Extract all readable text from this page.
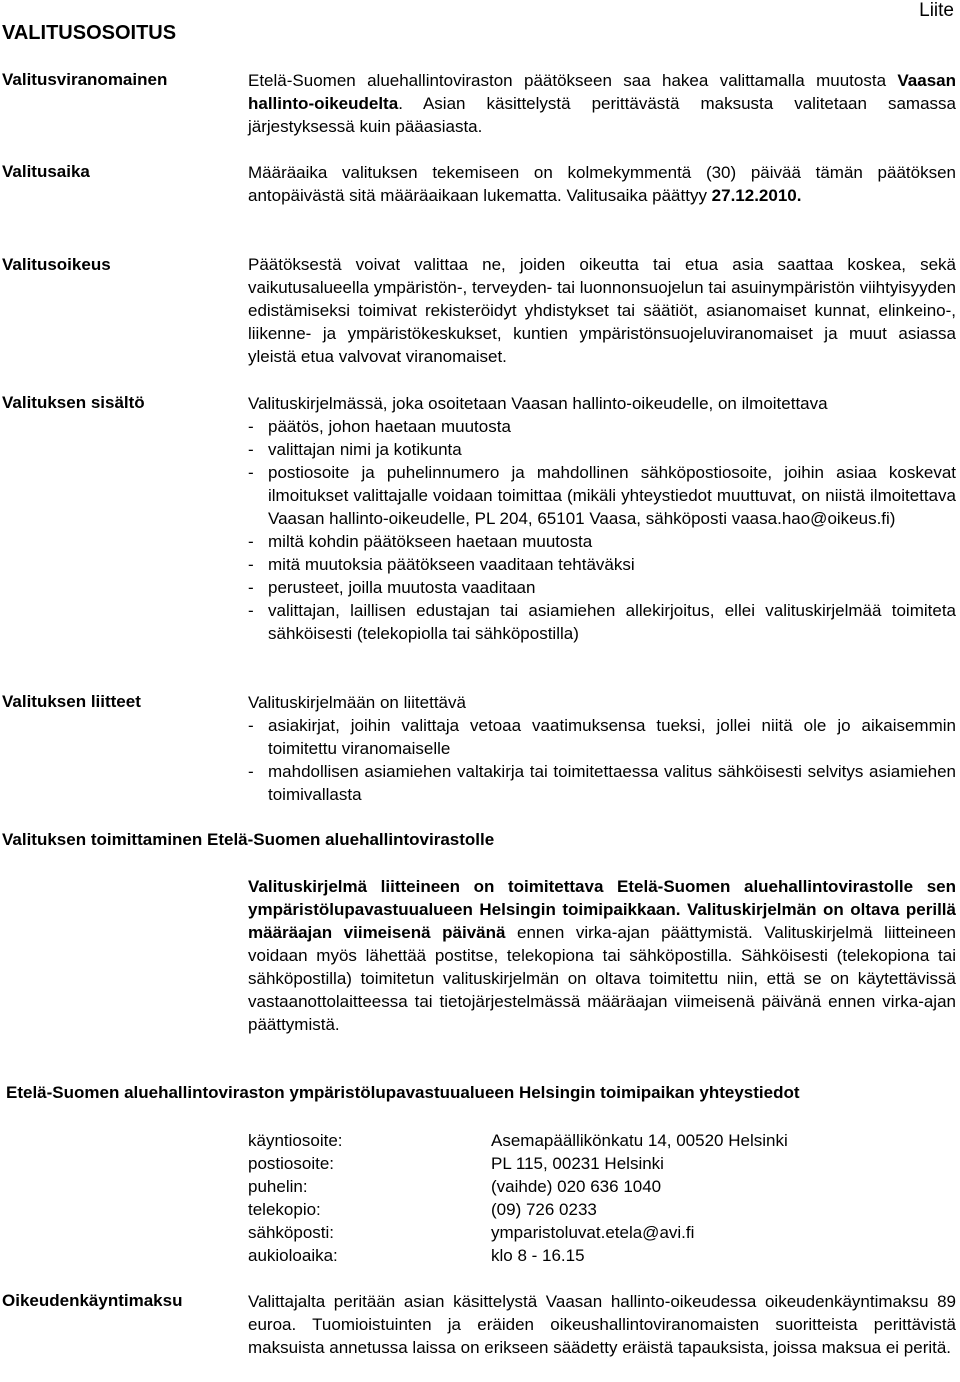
Liite
VALITUSOSOITUS
Valitusviranomainen	Etelä-Suomen aluehallintoviraston päätökseen saa hakea valittamalla muutosta Vaasan hallinto-oikeudelta. Asian käsittelystä perittävästä maksusta valitetaan samassa järjestyksessä kuin pääasiasta.

Valitusaika	Määräaika valituksen tekemiseen on kolmekymmentä (30) päivää tämän päätöksen antopäivästä sitä määräaikaan lukematta. Valitusaika päättyy 27.12.2010.

Valitusoikeus	Päätöksestä voivat valittaa ne, joiden oikeutta tai etua asia saattaa koskea, sekä vaikutusalueella ympäristön-, terveyden- tai luonnonsuojelun tai asuinympäristön viihtyisyyden edistämiseksi toimivat rekisteröidyt yhdistykset tai säätiöt, asianomaiset kunnat, elinkeino-, liikenne- ja ympäristökeskukset, kuntien ympäristönsuojeluviranomaiset ja muut asiassa yleistä etua valvovat viranomaiset.

Valituksen sisältö	Valituskirjelmässä, joka osoitetaan Vaasan hallinto-oikeudelle, on ilmoitettava

- päätös, johon haetaan muutosta
- valittajan nimi ja kotikunta
- postiosoite ja puhelinnumero ja mahdollinen sähköpostiosoite, joihin asiaa koskevat ilmoitukset valittajalle voidaan toimittaa (mikäli yhteystiedot muuttuvat, on niistä ilmoitettava Vaasan hallinto-oikeudelle, PL 204, 65101 Vaasa, sähköposti vaasa.hao@oikeus.fi)
- miltä kohdin päätökseen haetaan muutosta
- mitä muutoksia päätökseen vaaditaan tehtäväksi
- perusteet, joilla muutosta vaaditaan
- valittajan, laillisen edustajan tai asiamiehen allekirjoitus, ellei valituskirjelmää toimiteta sähköisesti (telekopiolla tai sähköpostilla)
Valituksen liitteet	Valituskirjelmään on liitettävä

- asiakirjat, joihin valittaja vetoaa vaatimuksensa tueksi, jollei niitä ole jo aikaisemmin toimitettu viranomaiselle
- mahdollisen asiamiehen valtakirja tai toimitettaessa valitus sähköisesti selvitys asiamiehen toimivallasta
Valituksen toimittaminen Etelä-Suomen aluehallintovirastolle

Valituskirjelmä liitteineen on toimitettava Etelä-Suomen aluehallintovirastolle sen ympäristölupavastuualueen Helsingin toimipaikkaan. Valituskirjelmän on oltava perillä määräajan viimeisenä päivänä ennen virka-ajan päättymistä. Valituskirjelmä liitteineen voidaan myös lähettää postitse, telekopiona tai sähköpostilla. Sähköisesti (telekopiona tai sähköpostilla) toimitetun valituskirjelmän on oltava toimitettu niin, että se on käytettävissä vastaanottolaitteessa tai tietojärjestelmässä määräajan viimeisenä päivänä ennen virka-ajan päättymistä.

Etelä-Suomen aluehallintoviraston ympäristölupavastuualueen Helsingin toimipaikan yhteystiedot
käyntiosoite:	Asemapäällikönkatu 14, 00520 Helsinki
postiosoite:	PL 115, 00231 Helsinki
puhelin:	(vaihde) 020 636 1040
telekopio:	(09) 726 0233
sähköposti:	ymparistoluvat.etela@avi.fi
aukioloaika:	klo 8 - 16.15
Oikeudenkäyntimaksu	Valittajalta peritään asian käsittelystä Vaasan hallinto-oikeudessa oikeudenkäyntimaksu 89 euroa. Tuomioistuinten ja eräiden oikeushallintoviranomaisten suoritteista perittävistä maksuista annetussa laissa on erikseen säädetty eräistä tapauksista, joissa maksua ei peritä.
